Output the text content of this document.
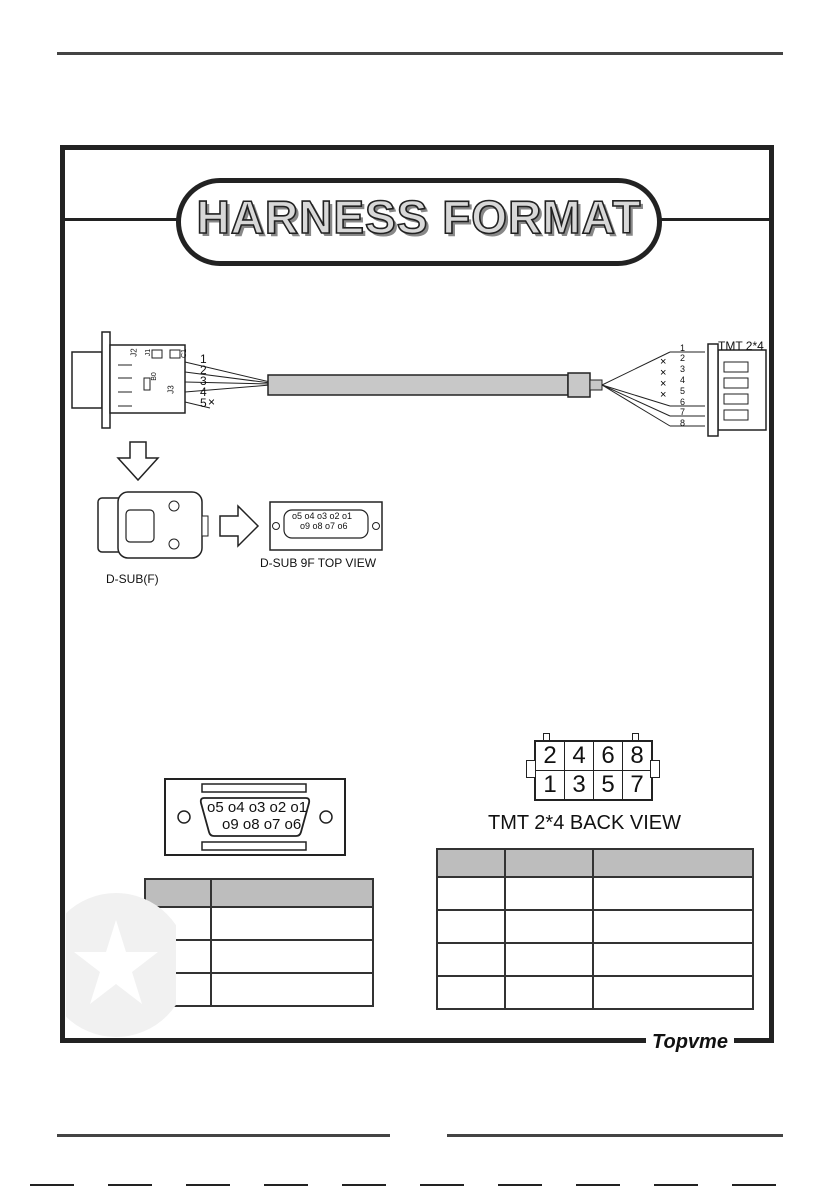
HARNESS FORMAT
×
×
×
×
×
1
2
3
4
5
J2
J3
B0
C1
J1	TMT 2*4
1
2
3
4
5
6
7
8
o5 o4 o3 o2 o1
o9 o8 o7 o6
D-SUB(F)
D-SUB 9F TOP VIEW
o5 o4 o3 o2 o1
o9 o8 o7 o6
2	4	6	8
1	3	5	7
TMT 2*4 BACK VIEW

Topvme
